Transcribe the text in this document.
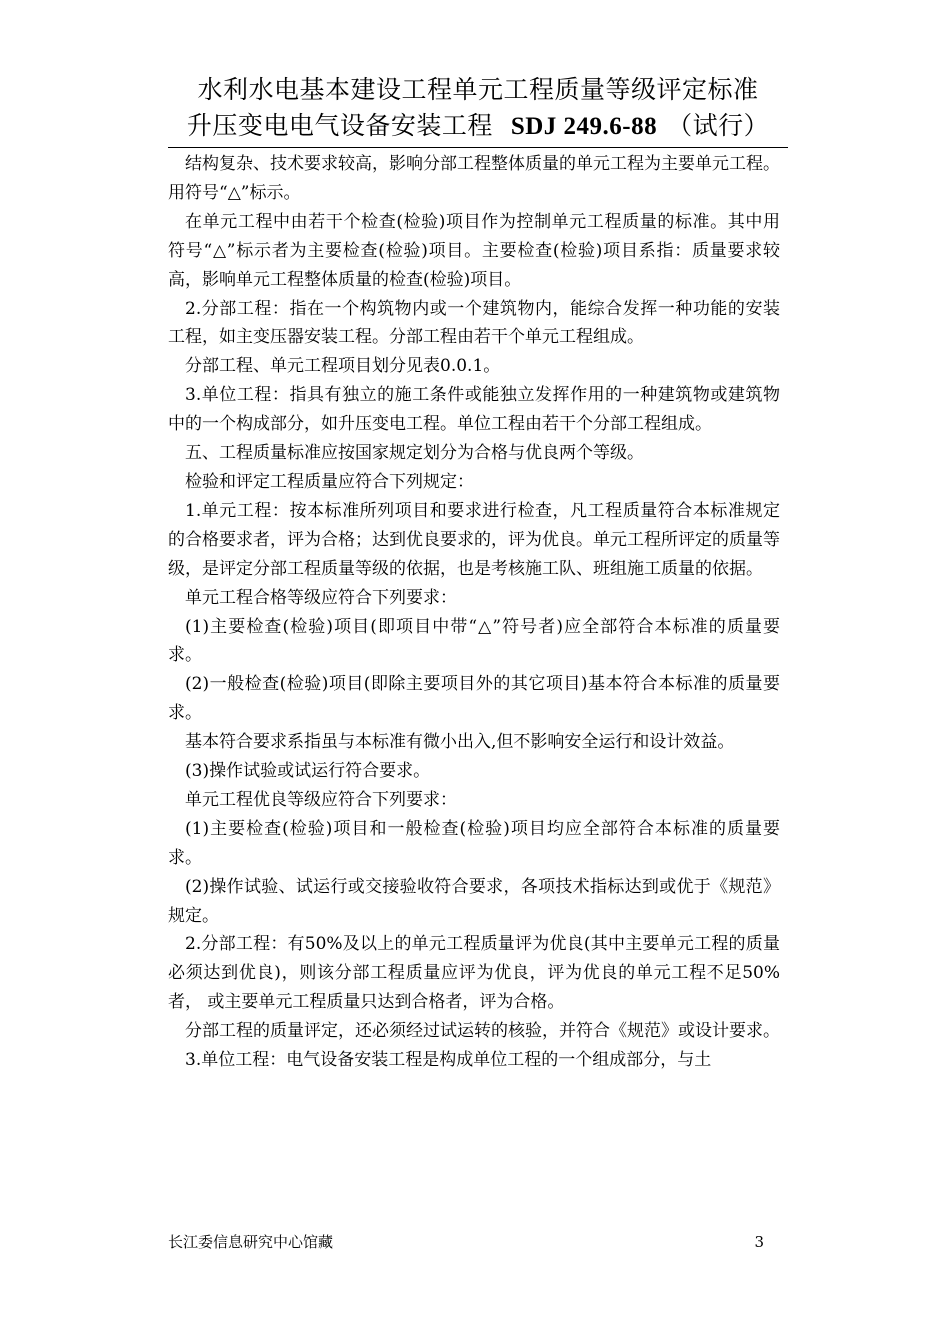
水利水电基本建设工程单元工程质量等级评定标准
升压变电电气设备安装工程 SDJ 249.6-88 （试行）

结构复杂、技术要求较高，影响分部工程整体质量的单元工程为主要单元工程。用符号“△”标示。

在单元工程中由若干个检查(检验)项目作为控制单元工程质量的标准。其中用 符号“△”标示者为主要检查(检验)项目。主要检查(检验)项目系指：质量要求较 高，影响单元工程整体质量的检查(检验)项目。

2.分部工程：指在一个构筑物内或一个建筑物内，能综合发挥一种功能的安装 工程，如主变压器安装工程。分部工程由若干个单元工程组成。

分部工程、单元工程项目划分见表0.0.1。

3.单位工程：指具有独立的施工条件或能独立发挥作用的一种建筑物或建筑物 中的一个构成部分，如升压变电工程。单位工程由若干个分部工程组成。

五、工程质量标准应按国家规定划分为合格与优良两个等级。

检验和评定工程质量应符合下列规定：

1.单元工程：按本标准所列项目和要求进行检查，凡工程质量符合本标准规定 的合格要求者，评为合格；达到优良要求的，评为优良。单元工程所评定的质量等 级，是评定分部工程质量等级的依据，也是考核施工队、班组施工质量的依据。

单元工程合格等级应符合下列要求：

(1)主要检查(检验)项目(即项目中带“△”符号者)应全部符合本标准的质量要 求。

(2)一般检查(检验)项目(即除主要项目外的其它项目)基本符合本标准的质量要 求。

基本符合要求系指虽与本标准有微小出入,但不影响安全运行和设计效益。

(3)操作试验或试运行符合要求。

单元工程优良等级应符合下列要求：

(1)主要检查(检验)项目和一般检查(检验)项目均应全部符合本标准的质量要 求。

(2)操作试验、试运行或交接验收符合要求，各项技术指标达到或优于《规范》 规定。

2.分部工程：有50%及以上的单元工程质量评为优良(其中主要单元工程的质量 必须达到优良)，则该分部工程质量应评为优良，评为优良的单元工程不足50%者， 或主要单元工程质量只达到合格者，评为合格。

分部工程的质量评定，还必须经过试运转的核验，并符合《规范》或设计要求。

3.单位工程：电气设备安装工程是构成单位工程的一个组成部分，与土

长江委信息研究中心馆藏	3
